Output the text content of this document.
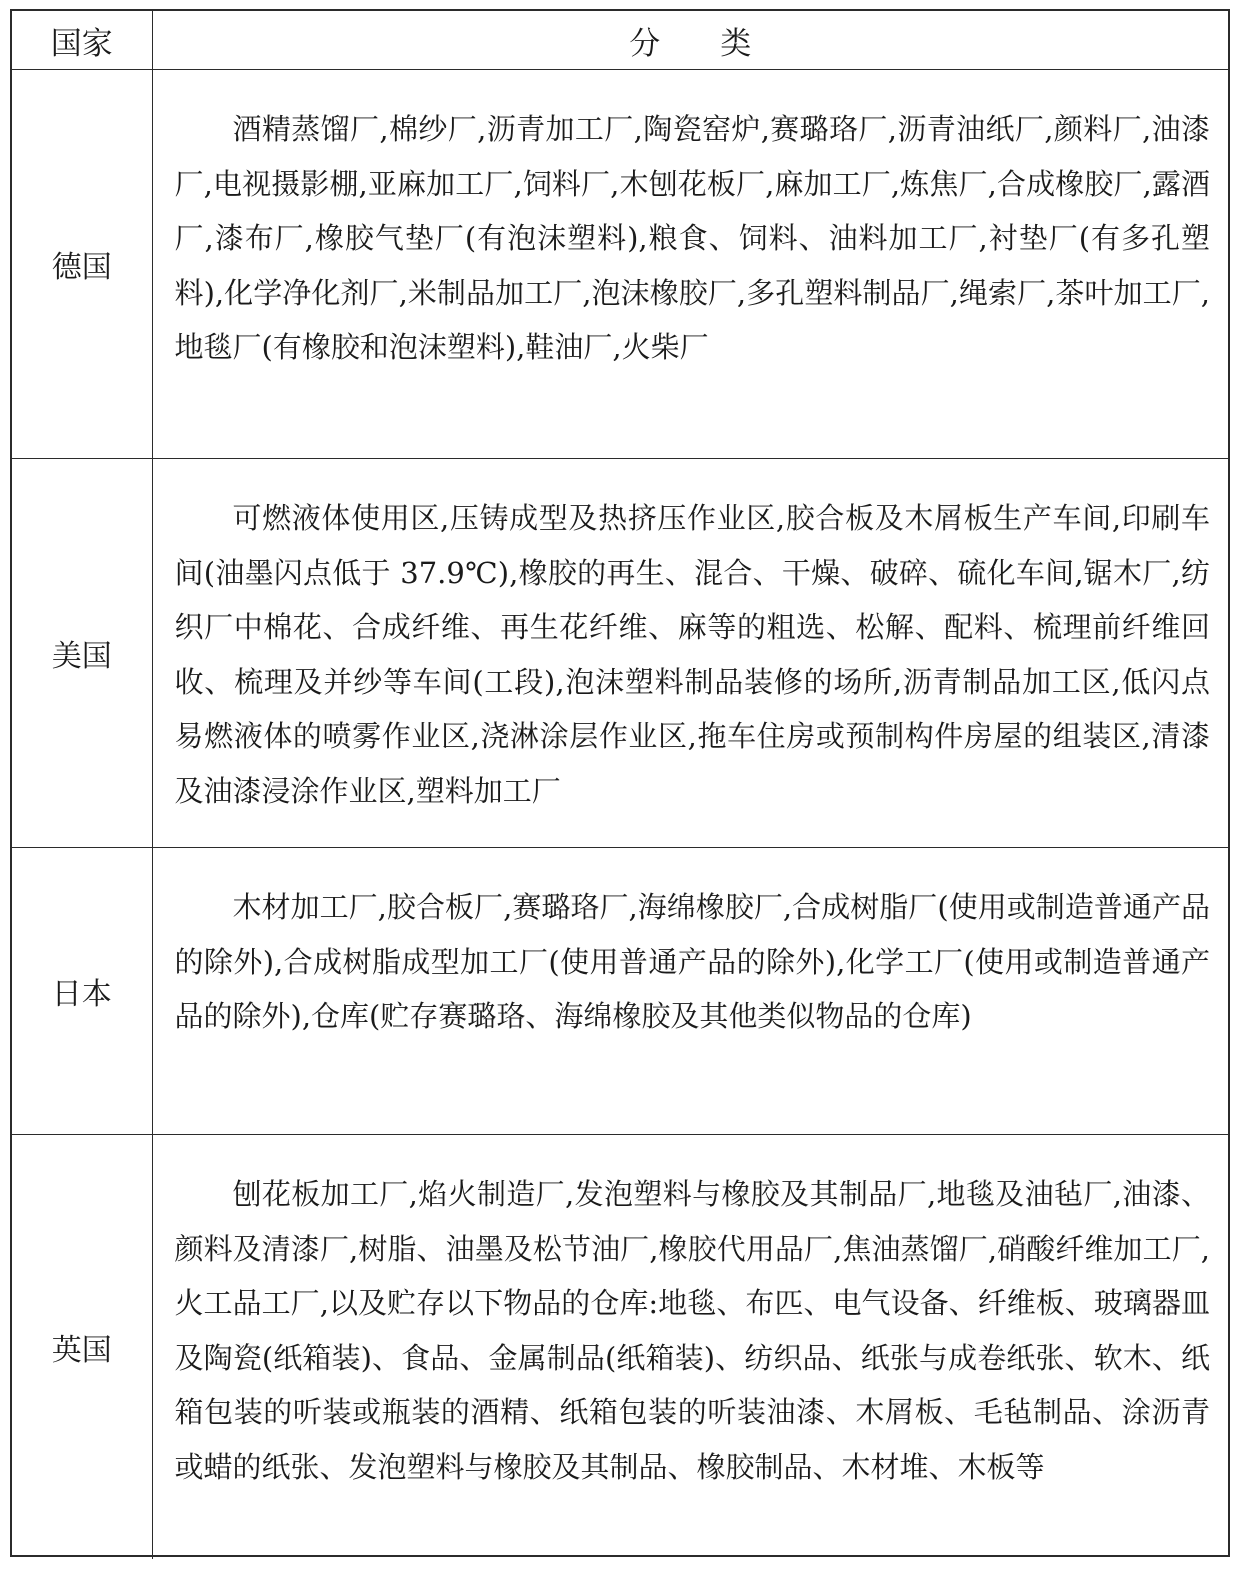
国家	分类
德国	酒精蒸馏厂,棉纱厂,沥青加工厂,陶瓷窑炉,赛璐珞厂,沥青油纸厂,颜料厂,油漆厂,电视摄影棚,亚麻加工厂,饲料厂,木刨花板厂,麻加工厂,炼焦厂,合成橡胶厂,露酒厂,漆布厂,橡胶气垫厂(有泡沫塑料),粮食、饲料、油料加工厂,衬垫厂(有多孔塑料),化学净化剂厂,米制品加工厂,泡沫橡胶厂,多孔塑料制品厂,绳索厂,茶叶加工厂,地毯厂(有橡胶和泡沫塑料),鞋油厂,火柴厂

美国	可燃液体使用区,压铸成型及热挤压作业区,胶合板及木屑板生产车间,印刷车间(油墨闪点低于 37.9℃),橡胶的再生、混合、干燥、破碎、硫化车间,锯木厂,纺织厂中棉花、合成纤维、再生花纤维、麻等的粗选、松解、配料、梳理前纤维回收、梳理及并纱等车间(工段),泡沫塑料制品装修的场所,沥青制品加工区,低闪点易燃液体的喷雾作业区,浇淋涂层作业区,拖车住房或预制构件房屋的组装区,清漆及油漆浸涂作业区,塑料加工厂

日本	木材加工厂,胶合板厂,赛璐珞厂,海绵橡胶厂,合成树脂厂(使用或制造普通产品的除外),合成树脂成型加工厂(使用普通产品的除外),化学工厂(使用或制造普通产品的除外),仓库(贮存赛璐珞、海绵橡胶及其他类似物品的仓库)

英国	刨花板加工厂,焰火制造厂,发泡塑料与橡胶及其制品厂,地毯及油毡厂,油漆、颜料及清漆厂,树脂、油墨及松节油厂,橡胶代用品厂,焦油蒸馏厂,硝酸纤维加工厂,火工品工厂,以及贮存以下物品的仓库:地毯、布匹、电气设备、纤维板、玻璃器皿及陶瓷(纸箱装)、食品、金属制品(纸箱装)、纺织品、纸张与成卷纸张、软木、纸箱包装的听装或瓶装的酒精、纸箱包装的听装油漆、木屑板、毛毡制品、涂沥青或蜡的纸张、发泡塑料与橡胶及其制品、橡胶制品、木材堆、木板等
